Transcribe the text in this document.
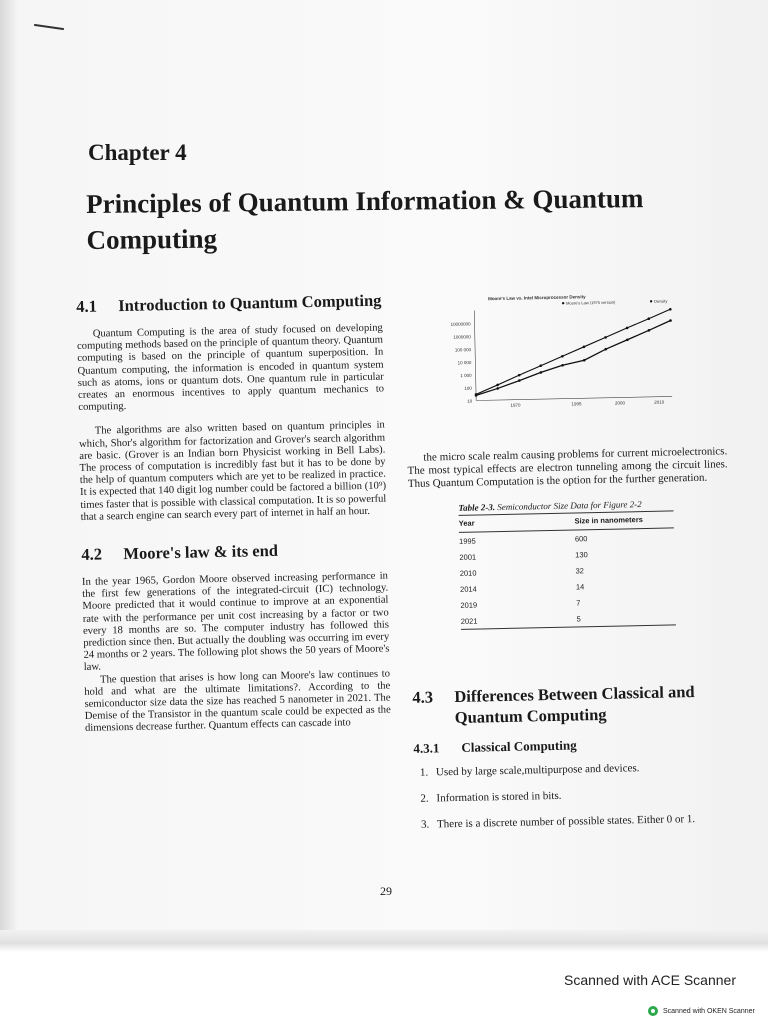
Chapter 4
Principles of Quantum Information & Quantum Computing
4.1	Introduction to Quantum Computing

Quantum Computing is the area of study focused on developing computing methods based on the principle of quantum theory. Quantum computing is based on the principle of quantum superposition. In Quantum computing, the information is encoded in quantum system such as atoms, ions or quantum dots. One quantum rule in particular creates an enormous incentives to apply quantum mechanics to computing.

The algorithms are also written based on quantum principles in which, Shor's algorithm for factorization and Grover's search algorithm are basic. (Grover is an Indian born Physicist working in Bell Labs). The process of computation is incredibly fast but it has to be done by the help of quantum computers which are yet to be realized in practice. It is expected that 140 digit log number could be factored a billion (10⁹) times faster that is possible with classical computation. It is so powerful that a search engine can search every part of internet in half an hour.

4.2	Moore's law & its end

In the year 1965, Gordon Moore observed increasing performance in the first few generations of the integrated-circuit (IC) technology. Moore predicted that it would continue to improve at an exponential rate with the performance per unit cost increasing by a factor or two every 18 months are so. The computer industry has followed this prediction since then. But actually the doubling was occurring im every 24 months or 2 years. The following plot shows the 50 years of Moore's law.

The question that arises is how long can Moore's law continues to hold and what are the ultimate limitations?. According to the semiconductor size data the size has reached 5 nanometer in 2021. The Demise of the Transistor in the quantum scale could be expected as the dimensions decrease further. Quantum effects can cascade into

Moore's Law vs. Intel Microprocessor Density
Moore's Law (1975 version)	Density
10000000
1000000
100 000
10 000
1 000
100
10
1970	1995	2000	2010

the micro scale realm causing problems for current microelectronics. The most typical effects are electron tunneling among the circuit lines. Thus Quantum Computation is the option for the further generation.

Table 2-3. Semiconductor Size Data for Figure 2-2
Year	Size in nanometers
1995	600
2001	130
2010	32
2014	14
2019	7
2021	5
4.3	Differences Between Classical and Quantum Computing
4.3.1	Classical Computing
1. Used by large scale,multipurpose and devices.
2. Information is stored in bits.
3. There is a discrete number of possible states. Either 0 or 1.
29
Scanned with ACE Scanner
Scanned with OKEN Scanner
